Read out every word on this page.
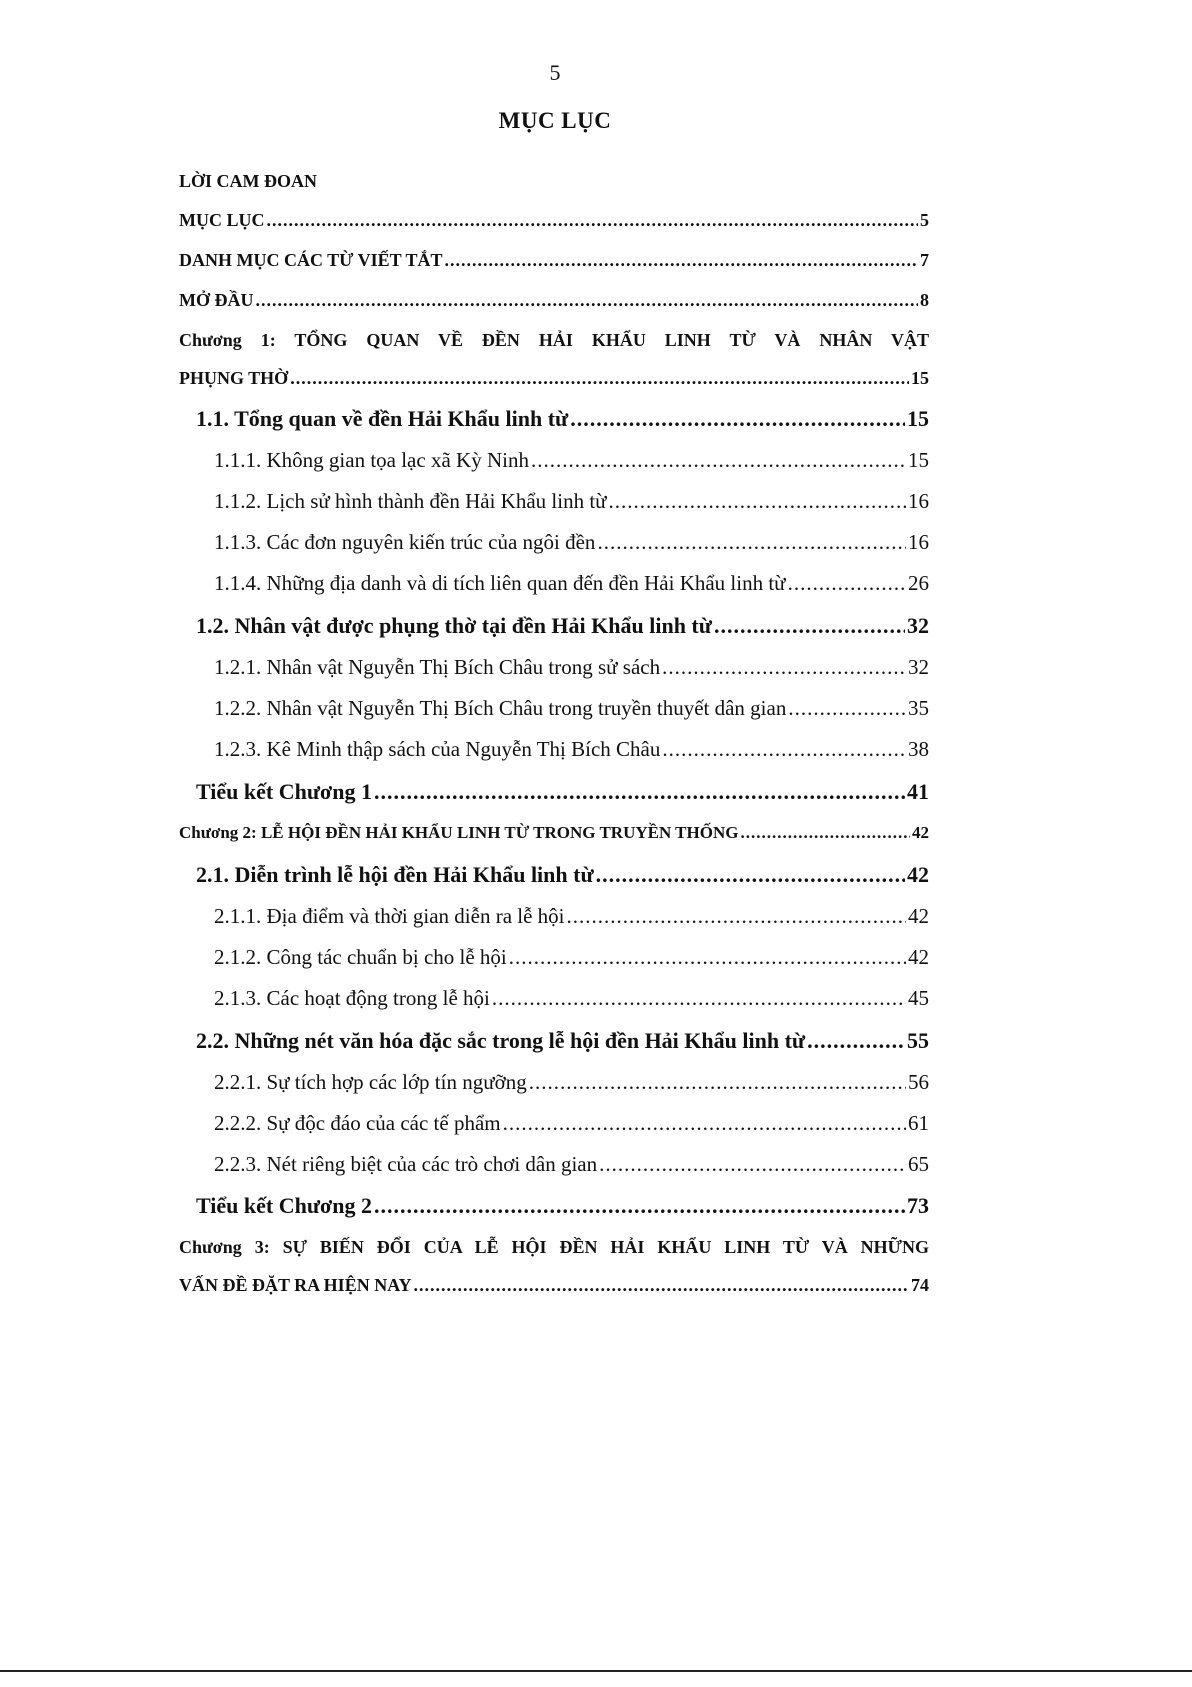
5
MỤC LỤC
LỜI CAM ĐOAN
MỤC LỤC .....	5
DANH MỤC CÁC TỪ VIẾT TẮT .....	7
MỞ ĐẦU .....	8
Chương 1: TỔNG QUAN VỀ ĐỀN HẢI KHẨU LINH TỪ VÀ NHÂN VẬT
PHỤNG THỜ .....	15
1.1. Tổng quan về đền Hải Khẩu linh từ .....	15
1.1.1. Không gian tọa lạc xã Kỳ Ninh .....	15
1.1.2. Lịch sử hình thành đền Hải Khẩu linh từ .....	16
1.1.3. Các đơn nguyên kiến trúc của ngôi đền .....	16
1.1.4. Những địa danh và di tích liên quan đến đền Hải Khẩu linh từ .....	26
1.2. Nhân vật được phụng thờ tại đền Hải Khẩu linh từ .....	32
1.2.1. Nhân vật Nguyễn Thị Bích Châu trong sử sách .....	32
1.2.2. Nhân vật Nguyễn Thị Bích Châu trong truyền thuyết dân gian .....	35
1.2.3. Kê Minh thập sách của Nguyễn Thị Bích Châu .....	38
Tiểu kết Chương 1 .....	41
Chương 2: LỄ HỘI ĐỀN HẢI KHẨU LINH TỪ TRONG TRUYỀN THỐNG .....	42
2.1. Diễn trình lễ hội đền Hải Khẩu linh từ .....	42
2.1.1. Địa điểm và thời gian diễn ra lễ hội .....	42
2.1.2. Công tác chuẩn bị cho lễ hội .....	42
2.1.3. Các hoạt động trong lễ hội .....	45
2.2. Những nét văn hóa đặc sắc trong lễ hội đền Hải Khẩu linh từ .....	55
2.2.1. Sự tích hợp các lớp tín ngưỡng .....	56
2.2.2. Sự độc đáo của các tế phẩm .....	61
2.2.3. Nét riêng biệt của các trò chơi dân gian .....	65
Tiểu kết Chương 2 .....	73
Chương 3: SỰ BIẾN ĐỔI CỦA LỄ HỘI ĐỀN HẢI KHẨU LINH TỪ VÀ NHỮNG
VẤN ĐỀ ĐẶT RA HIỆN NAY .....	74
